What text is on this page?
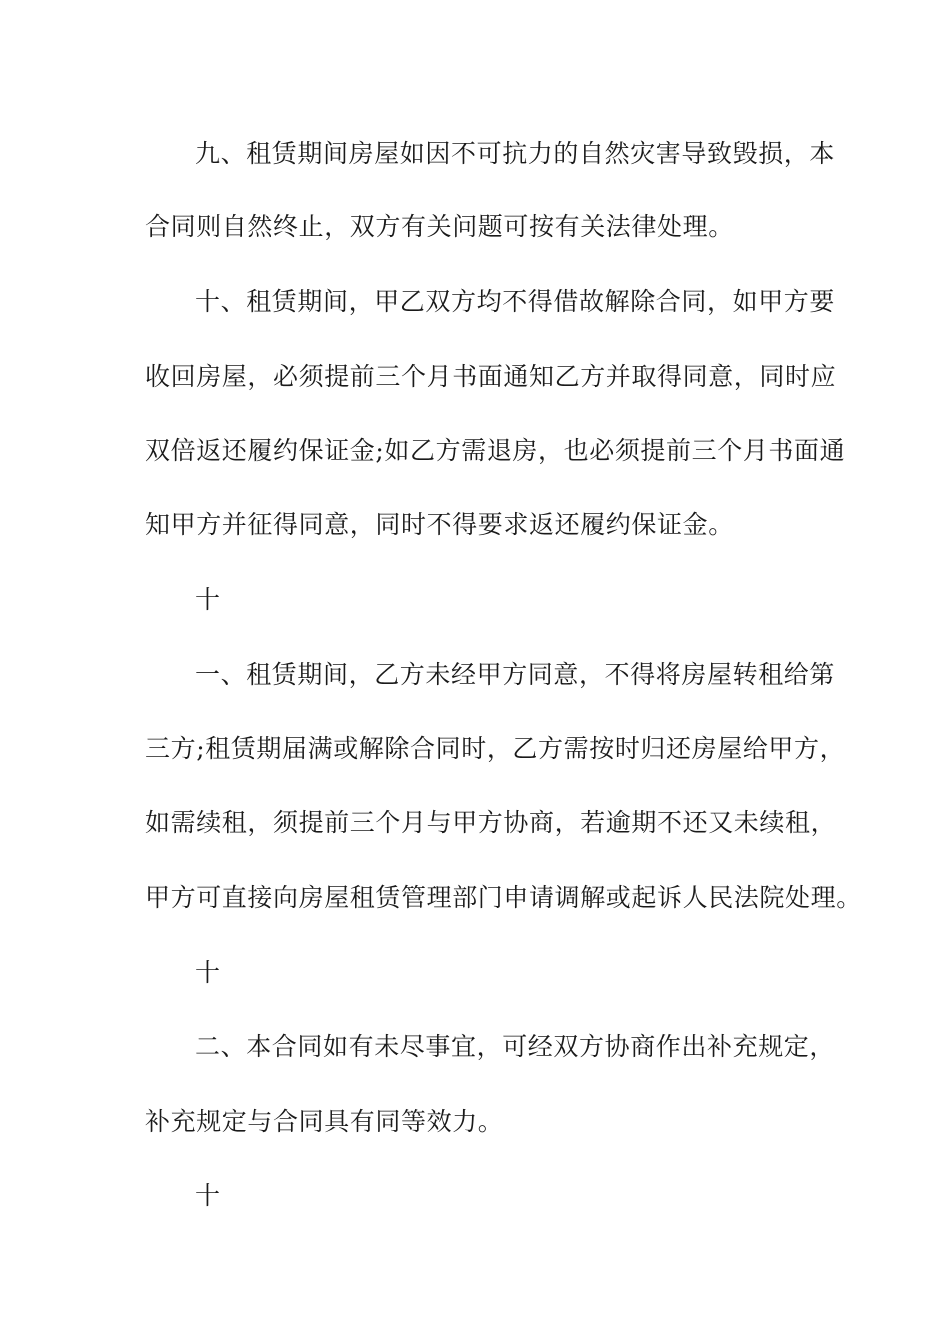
九、租赁期间房屋如因不可抗力的自然灾害导致毁损，本
合同则自然终止，双方有关问题可按有关法律处理。
十、租赁期间，甲乙双方均不得借故解除合同，如甲方要
收回房屋，必须提前三个月书面通知乙方并取得同意，同时应
双倍返还履约保证金;如乙方需退房，也必须提前三个月书面通
知甲方并征得同意，同时不得要求返还履约保证金。
十
一、租赁期间，乙方未经甲方同意，不得将房屋转租给第
三方;租赁期届满或解除合同时，乙方需按时归还房屋给甲方，
如需续租，须提前三个月与甲方协商，若逾期不还又未续租，
甲方可直接向房屋租赁管理部门申请调解或起诉人民法院处理。
十
二、本合同如有未尽事宜，可经双方协商作出补充规定，
补充规定与合同具有同等效力。
十
